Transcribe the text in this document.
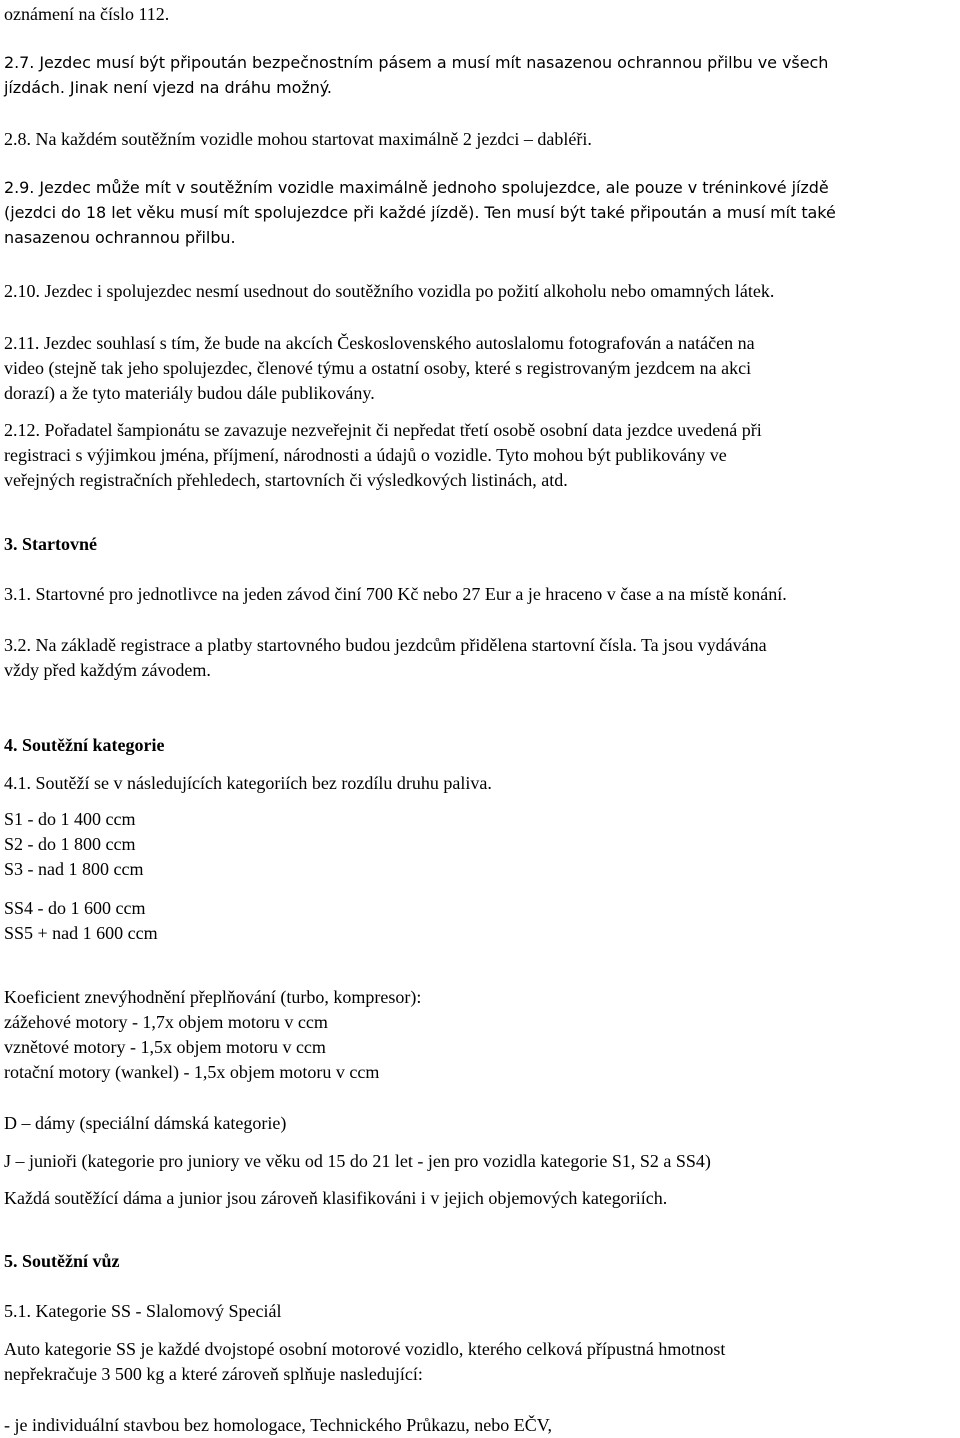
oznámení na číslo 112.
2.7. Jezdec musí být připoután bezpečnostním pásem a musí mít nasazenou ochrannou přilbu ve všech
jízdách. Jinak není vjezd na dráhu možný.
2.8. Na každém soutěžním vozidle mohou startovat maximálně 2 jezdci – dabléři.
2.9. Jezdec může mít v soutěžním vozidle maximálně jednoho spolujezdce, ale pouze v tréninkové jízdě
(jezdci do 18 let věku musí mít spolujezdce při každé jízdě). Ten musí být také připoután a musí mít také
nasazenou ochrannou přilbu.
2.10. Jezdec i spolujezdec nesmí usednout do soutěžního vozidla po požití alkoholu nebo omamných látek.
2.11. Jezdec souhlasí s tím, že bude na akcích Československého autoslalomu fotografován a natáčen na
video (stejně tak jeho spolujezdec, členové týmu a ostatní osoby, které s registrovaným jezdcem na akci
dorazí) a že tyto materiály budou dále publikovány.
2.12. Pořadatel šampionátu se zavazuje nezveřejnit či nepředat třetí osobě osobní data jezdce uvedená při
registraci s výjimkou jména, příjmení, národnosti a údajů o vozidle. Tyto mohou být publikovány ve
veřejných registračních přehledech, startovních či výsledkových listinách, atd.
3. Startovné
3.1. Startovné pro jednotlivce na jeden závod činí 700 Kč nebo 27 Eur a je hraceno v čase a na místě konání.
3.2. Na základě registrace a platby startovného budou jezdcům přidělena startovní čísla. Ta jsou vydávána
vždy před každým závodem.
4. Soutěžní kategorie
4.1. Soutěží se v následujících kategoriích bez rozdílu druhu paliva.
S1 - do 1 400 ccm
S2 - do 1 800 ccm
S3 - nad 1 800 ccm
SS4 - do 1 600 ccm
SS5 + nad 1 600 ccm
Koeficient znevýhodnění přeplňování (turbo, kompresor):
zážehové motory - 1,7x objem motoru v ccm
vznětové motory - 1,5x objem motoru v ccm
rotační motory (wankel) - 1,5x objem motoru v ccm
D – dámy (speciální dámská kategorie)
J – junioři (kategorie pro juniory ve věku od 15 do 21 let - jen pro vozidla kategorie S1, S2 a SS4)
Každá soutěžící dáma a junior jsou zároveň klasifikováni i v jejich objemových kategoriích.
5. Soutěžní vůz
5.1. Kategorie SS - Slalomový Speciál
Auto kategorie SS je každé dvojstopé osobní motorové vozidlo, kterého celková přípustná hmotnost
nepřekračuje 3 500 kg a které zároveň splňuje nasledující:
- je individuální stavbou bez homologace, Technického Průkazu, nebo EČV,
